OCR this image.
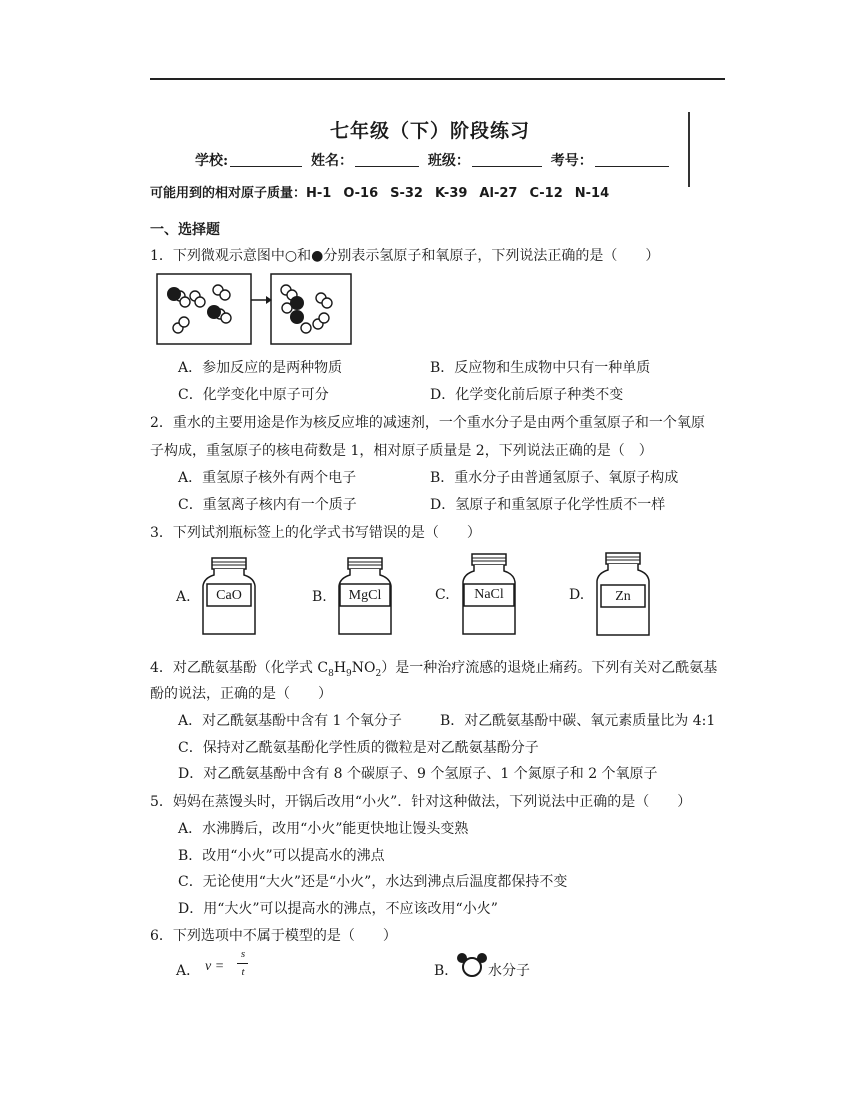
七年级（下）阶段练习
学校:	姓名：	班级：	考号：
可能用到的相对原子质量：H-1 O-16 S-32 K-39 Al-27 C-12 N-14
一、选择题
1．下列微观示意图中○和●分别表示氢原子和氧原子，下列说法正确的是（　　）
A．参加反应的是两种物质	B．反应物和生成物中只有一种单质
C．化学变化中原子可分	D．化学变化前后原子种类不变
2．重水的主要用途是作为核反应堆的减速剂，一个重水分子是由两个重氢原子和一个氧原
子构成，重氢原子的核电荷数是 1，相对原子质量是 2，下列说法正确的是（　）
A．重氢原子核外有两个电子	B．重水分子由普通氢原子、氧原子构成
C．重氢离子核内有一个质子	D．氢原子和重氢原子化学性质不一样
3．下列试剂瓶标签上的化学式书写错误的是（　　）
A.	CaO	B.	MgCl	C.	NaCl	D.	Zn
4．对乙酰氨基酚（化学式 $C_8H_9NO_2$）是一种治疗流感的退烧止痛药。下列有关对乙酰氨基
酚的说法，正确的是（　　）
A．对乙酰氨基酚中含有 1 个氧分子	B．对乙酰氨基酚中碳、氧元素质量比为 4:1
C．保持对乙酰氨基酚化学性质的微粒是对乙酰氨基酚分子
D．对乙酰氨基酚中含有 8 个碳原子、9 个氢原子、1 个氮原子和 2 个氧原子
5．妈妈在蒸馒头时，开锅后改用“小火”．针对这种做法，下列说法中正确的是（　　）
A．水沸腾后，改用“小火”能更快地让馒头变熟
B．改用“小火”可以提高水的沸点
C．无论使用“大火”还是“小火”，水达到沸点后温度都保持不变
D．用“大火”可以提高水的沸点，不应该改用“小火”
6．下列选项中不属于模型的是（　　）
A． v =
s
t	B． 水分子
